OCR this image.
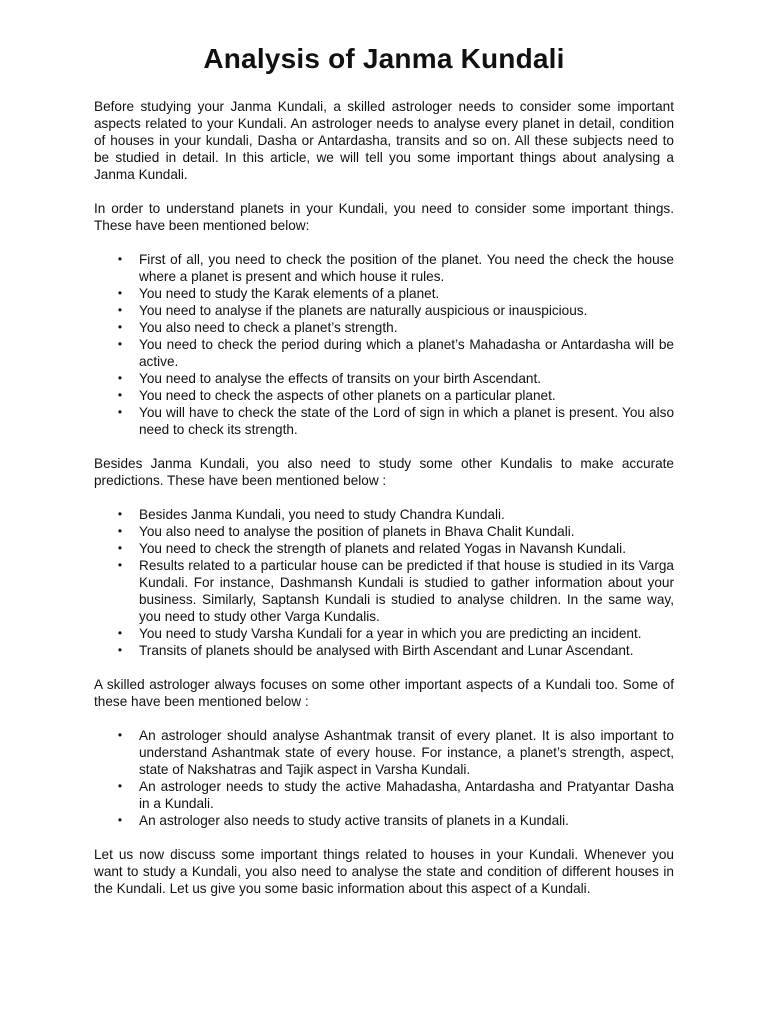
Analysis of Janma Kundali

Before studying your Janma Kundali, a skilled astrologer needs to consider some important aspects related to your Kundali. An astrologer needs to analyse every planet in detail, condition of houses in your kundali, Dasha or Antardasha, transits and so on. All these subjects need to be studied in detail. In this article, we will tell you some important things about analysing a Janma Kundali.

In order to understand planets in your Kundali, you need to consider some important things. These have been mentioned below:

• First of all, you need to check the position of the planet. You need the check the house where a planet is present and which house it rules.
• You need to study the Karak elements of a planet.
• You need to analyse if the planets are naturally auspicious or inauspicious.
• You also need to check a planet’s strength.
• You need to check the period during which a planet’s Mahadasha or Antardasha will be active.
• You need to analyse the effects of transits on your birth Ascendant.
• You need to check the aspects of other planets on a particular planet.
• You will have to check the state of the Lord of sign in which a planet is present. You also need to check its strength.

Besides Janma Kundali, you also need to study some other Kundalis to make accurate predictions. These have been mentioned below :

• Besides Janma Kundali, you need to study Chandra Kundali.
• You also need to analyse the position of planets in Bhava Chalit Kundali.
• You need to check the strength of planets and related Yogas in Navansh Kundali.
• Results related to a particular house can be predicted if that house is studied in its Varga Kundali. For instance, Dashmansh Kundali is studied to gather information about your business. Similarly, Saptansh Kundali is studied to analyse children. In the same way, you need to study other Varga Kundalis.
• You need to study Varsha Kundali for a year in which you are predicting an incident.
• Transits of planets should be analysed with Birth Ascendant and Lunar Ascendant.

A skilled astrologer always focuses on some other important aspects of a Kundali too. Some of these have been mentioned below :

• An astrologer should analyse Ashantmak transit of every planet. It is also important to understand Ashantmak state of every house. For instance, a planet’s strength, aspect, state of Nakshatras and Tajik aspect in Varsha Kundali.
• An astrologer needs to study the active Mahadasha, Antardasha and Pratyantar Dasha in a Kundali.
• An astrologer also needs to study active transits of planets in a Kundali.

Let us now discuss some important things related to houses in your Kundali. Whenever you want to study a Kundali, you also need to analyse the state and condition of different houses in the Kundali. Let us give you some basic information about this aspect of a Kundali.
